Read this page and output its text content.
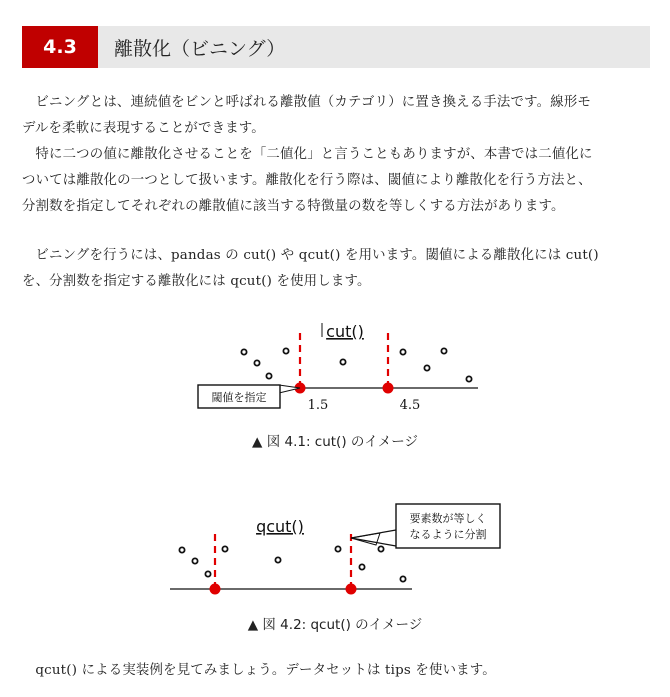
4.3	離散化（ビニング）

ビニングとは、連続値をビンと呼ばれる離散値（カテゴリ）に置き換える手法です。線形モ
デルを柔軟に表現することができます。

特に二つの値に離散化させることを「二値化」と言うこともありますが、本書では二値化に
ついては離散化の一つとして扱います。離散化を行う際は、閾値により離散化を行う方法と、
分割数を指定してそれぞれの離散値に該当する特徴量の数を等しくする方法があります。

ビニングを行うには、pandas の cut() や qcut() を用います。閾値による離散化には cut()
を、分割数を指定する離散化には qcut() を使用します。

cut()
閾値を指定
1.5	4.5
▲ 図 4.1: cut() のイメージ
qcut()	要素数が等しく
なるように分割
▲ 図 4.2: qcut() のイメージ

qcut() による実装例を見てみましょう。データセットは tips を使います。
